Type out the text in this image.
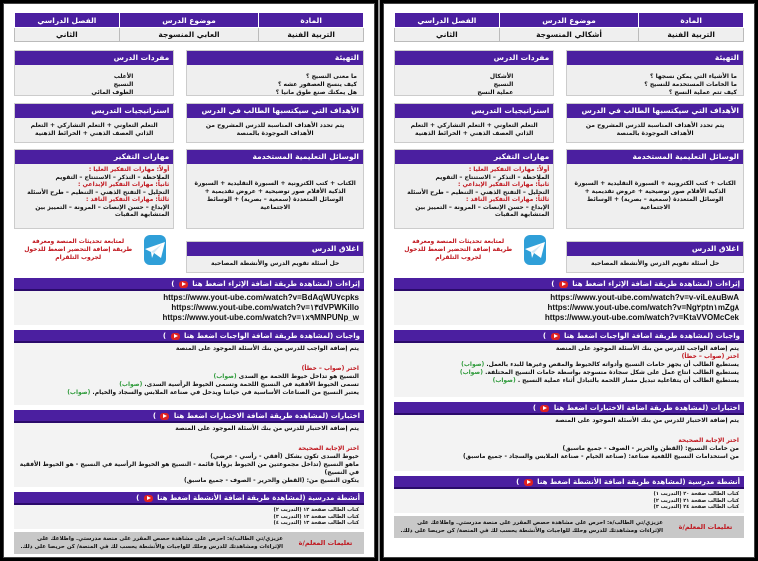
المادة	موضوع الدرس	الفصل الدراسي
التربية الفنية	العابي المنسوجة	الثاني
التهيئة
ما معنى النسيج ؟
كيف ينسج العصفور عشه ؟
هل يمكنك صنع طوق مانيا ؟
مفردات الدرس
الأعلب
النسيج
الطوف المائي
الأهداف التي سيكتسبها الطالب في الدرس
يتم تحدد الأهداف المناسبة للدرس المشروح من الأهداف الموجودة بالمنصة
استراتيجيات التدريس
التعلم التعاوني + التعلم التشاركي + التعلم الذاتي العصف الذهني + الخرائط الذهنية
الوسائل التعليمية المستخدمة
الكتاب + كتب الكترونية + السبورة التقليدية + السبورة الذكية الأقلام صور توضيحية + عروض تقديمية + الوسائل المتعددة (سمعية – بصرية) + الوسائط الاجتماعية
مهارات التفكير
أولاً: مهارات التفكير العليا :
الملاحظة – التذكر – الاستنتاج – التقويم
ثانياً: مهارات التفكير الإبداعي :
التحليل – التفتح الذهني – التنظيم – طرح الأسئلة
ثالثاً: مهارات التفكير الناقد :
الإبداع – حسن الإنصات – المرونة – التمييز بين المتشابهة المقبات
اغلاق الدرس
حل أسئلة تقويم الدرس والأنشطة المصاحبة
لمتابعة تحديثات المنصة ومعرفة طريقة إضافة التحضير اضغط للدخول لجروب التلقرام
إثراءات (لمشاهدة طريقة اضافة الإثراء اضغط هنا  )
https://www.yout-ube.com/watch?v=BdAqWU٧cpks
https://www.yout-ube.com/watch?v=١٣dVPWKillo
https://www.yout-ube.com/watch?v=١x٩MNPUNp_w
واجبات (لمشاهدة طريقة اضافة الواجبات اضغط هنا  )
يتم إضافة الواجب للدرس من بنك الأسئلة الموجود على المنصة
اختر (صواب – خطأ)
النسيج هو تداخل خيوط اللحمة مع السدى (صواب)
تسمى الخيوط الأفقية في النسيج اللحمة وتسمى الخيوط الرأسية السدى. (صواب)
يعتبر النسيج من الصناعات الأساسية في حياتنا ويدخل في صناعة الملابس والسجاد والخيام. (صواب)
اختبارات (لمشاهدة طريقة اضافة الاختبارات اضغط هنا  )
يتم إضافة الاختبار للدرس من بنك الأسئلة الموجود على المنصة
اختر الإجابة الصحيحة
خيوط السدى تكون بشكل (أفقي - رأسي - عرضي)
ماهو النسيج (تداخل مجموعتين من الخيوط بزوايا قائمة - النسيج هو الخيوط الرأسية في النسيج - هو الخيوط الأفقية في النسيج)
يتكون النسيج من: (القطن والحرير - الصوف - جميع ماسبق)
أنشطة مدرسية (لمشاهدة طريقة اضافة الأنشطة اضغط هنا  )
كتاب الطالب صفحة ١٢ (التدريب ٢)
كتاب الطالب صفحة ١٣ (التدريب ٣)
كتاب الطالب صفحة ١٣ (التدريب ٤)
تعليمات المعلم/ة
عزيزي/تي الطالب/ة: احرص على مشاهدة حصص المقرر على منصة مدرستي. واطلاعك على الإثراءات ومشاهدتك للدرس وحلك للواجبات والأنشطة يحسب لك في المنصة/ كن حريصا على ذلك.
المادة	موضوع الدرس	الفصل الدراسي
التربية الفنية	أشكالي المنسوجة	الثاني
التهيئة
ما الأشياء التي يمكن نسجها ؟
ما الخامات المستخدمة للنسيج ؟
كيف تتم عملية النسج ؟
مفردات الدرس
الأشكال
النسيج
عملية النسج
الأهداف التي سيكتسبها الطالب في الدرس
يتم تحدد الأهداف المناسبة للدرس المشروح من الأهداف الموجودة بالمنصة
استراتيجيات التدريس
التعلم التعاوني + التعلم التشاركي + التعلم الذاتي العصف الذهني + الخرائط الذهنية
الوسائل التعليمية المستخدمة
الكتاب + كتب الكترونية + السبورة التقليدية + السبورة الذكية الأقلام صور توضيحية + عروض تقديمية + الوسائل المتعددة (سمعية – بصرية) + الوسائط الاجتماعية
مهارات التفكير
أولاً: مهارات التفكير العليا :
الملاحظة – التذكر – الاستنتاج – التقويم
ثانياً: مهارات التفكير الإبداعي :
التحليل – التفتح الذهني – التنظيم – طرح الأسئلة
ثالثاً: مهارات التفكير الناقد :
الإبداع – حسن الإنصات – المرونة – التمييز بين المتشابهة المقبات
اغلاق الدرس
حل أسئلة تقويم الدرس والأنشطة المصاحبة
لمتابعة تحديثات المنصة ومعرفة طريقة إضافة التحضير اضغط للدخول لجروب التلقرام
إثراءات (لمشاهدة طريقة اضافة الإثراء اضغط هنا  )
https://www.yout-ube.com/watch?v=v-viLe٨uBwA
https://www.yout-ube.com/watch?v=Ng٢ptn١mZg٨
https://www.yout-ube.com/watch?v=KtaVVOMcCek
واجبات (لمشاهدة طريقة اضافة الواجبات اضغط هنا  )
يتم إضافة الواجب للدرس من بنك الأسئلة الموجود على المنصة
اختر (صواب – خطأ)
يستطيع الطالب أن يجهز خامات النسيج وأدواته كالخيوط والمقص وغيرها للبدء بالعمل. (صواب)
يستطيع الطالب انتاج عمل على شكل سجادة منسوجة بواسطة خامات النسيج المختلفة. (صواب)
يستطيع الطالب أن يتفاعلية تبديل مسار اللحمة بالتبادل أثناء عملية النسيج . (صواب)
اختبارات (لمشاهدة طريقة اضافة الاختبارات اضغط هنا  )
يتم إضافة الاختبار للدرس من بنك الأسئلة الموجود على المنصة
اختر الإجابة الصحيحة
من خامات النسيج: (القطن والحرير - الصوف - جميع ماسبق)
من استخدامات النسيج اللفعية صناعة: (صناعة الخيام - صناعة الملابس والسجاد - جميع ماسبق)
أنشطة مدرسية (لمشاهدة طريقة اضافة الأنشطة اضغط هنا  )
كتاب الطالب صفحة ٢٠ (التدريب ١)
كتاب الطالب صفحة ٢١ (التدريب ٢)
كتاب الطالب صفحة ٢٤ (التدريب ٣)
تعليمات المعلم/ة
عزيزي/تي الطالب/ة: احرص على مشاهدة حصص المقرر على منصة مدرستي. واطلاعك على الإثراءات ومشاهدتك للدرس وحلك للواجبات والأنشطة يحسب لك في المنصة/ كن حريصا على ذلك.
